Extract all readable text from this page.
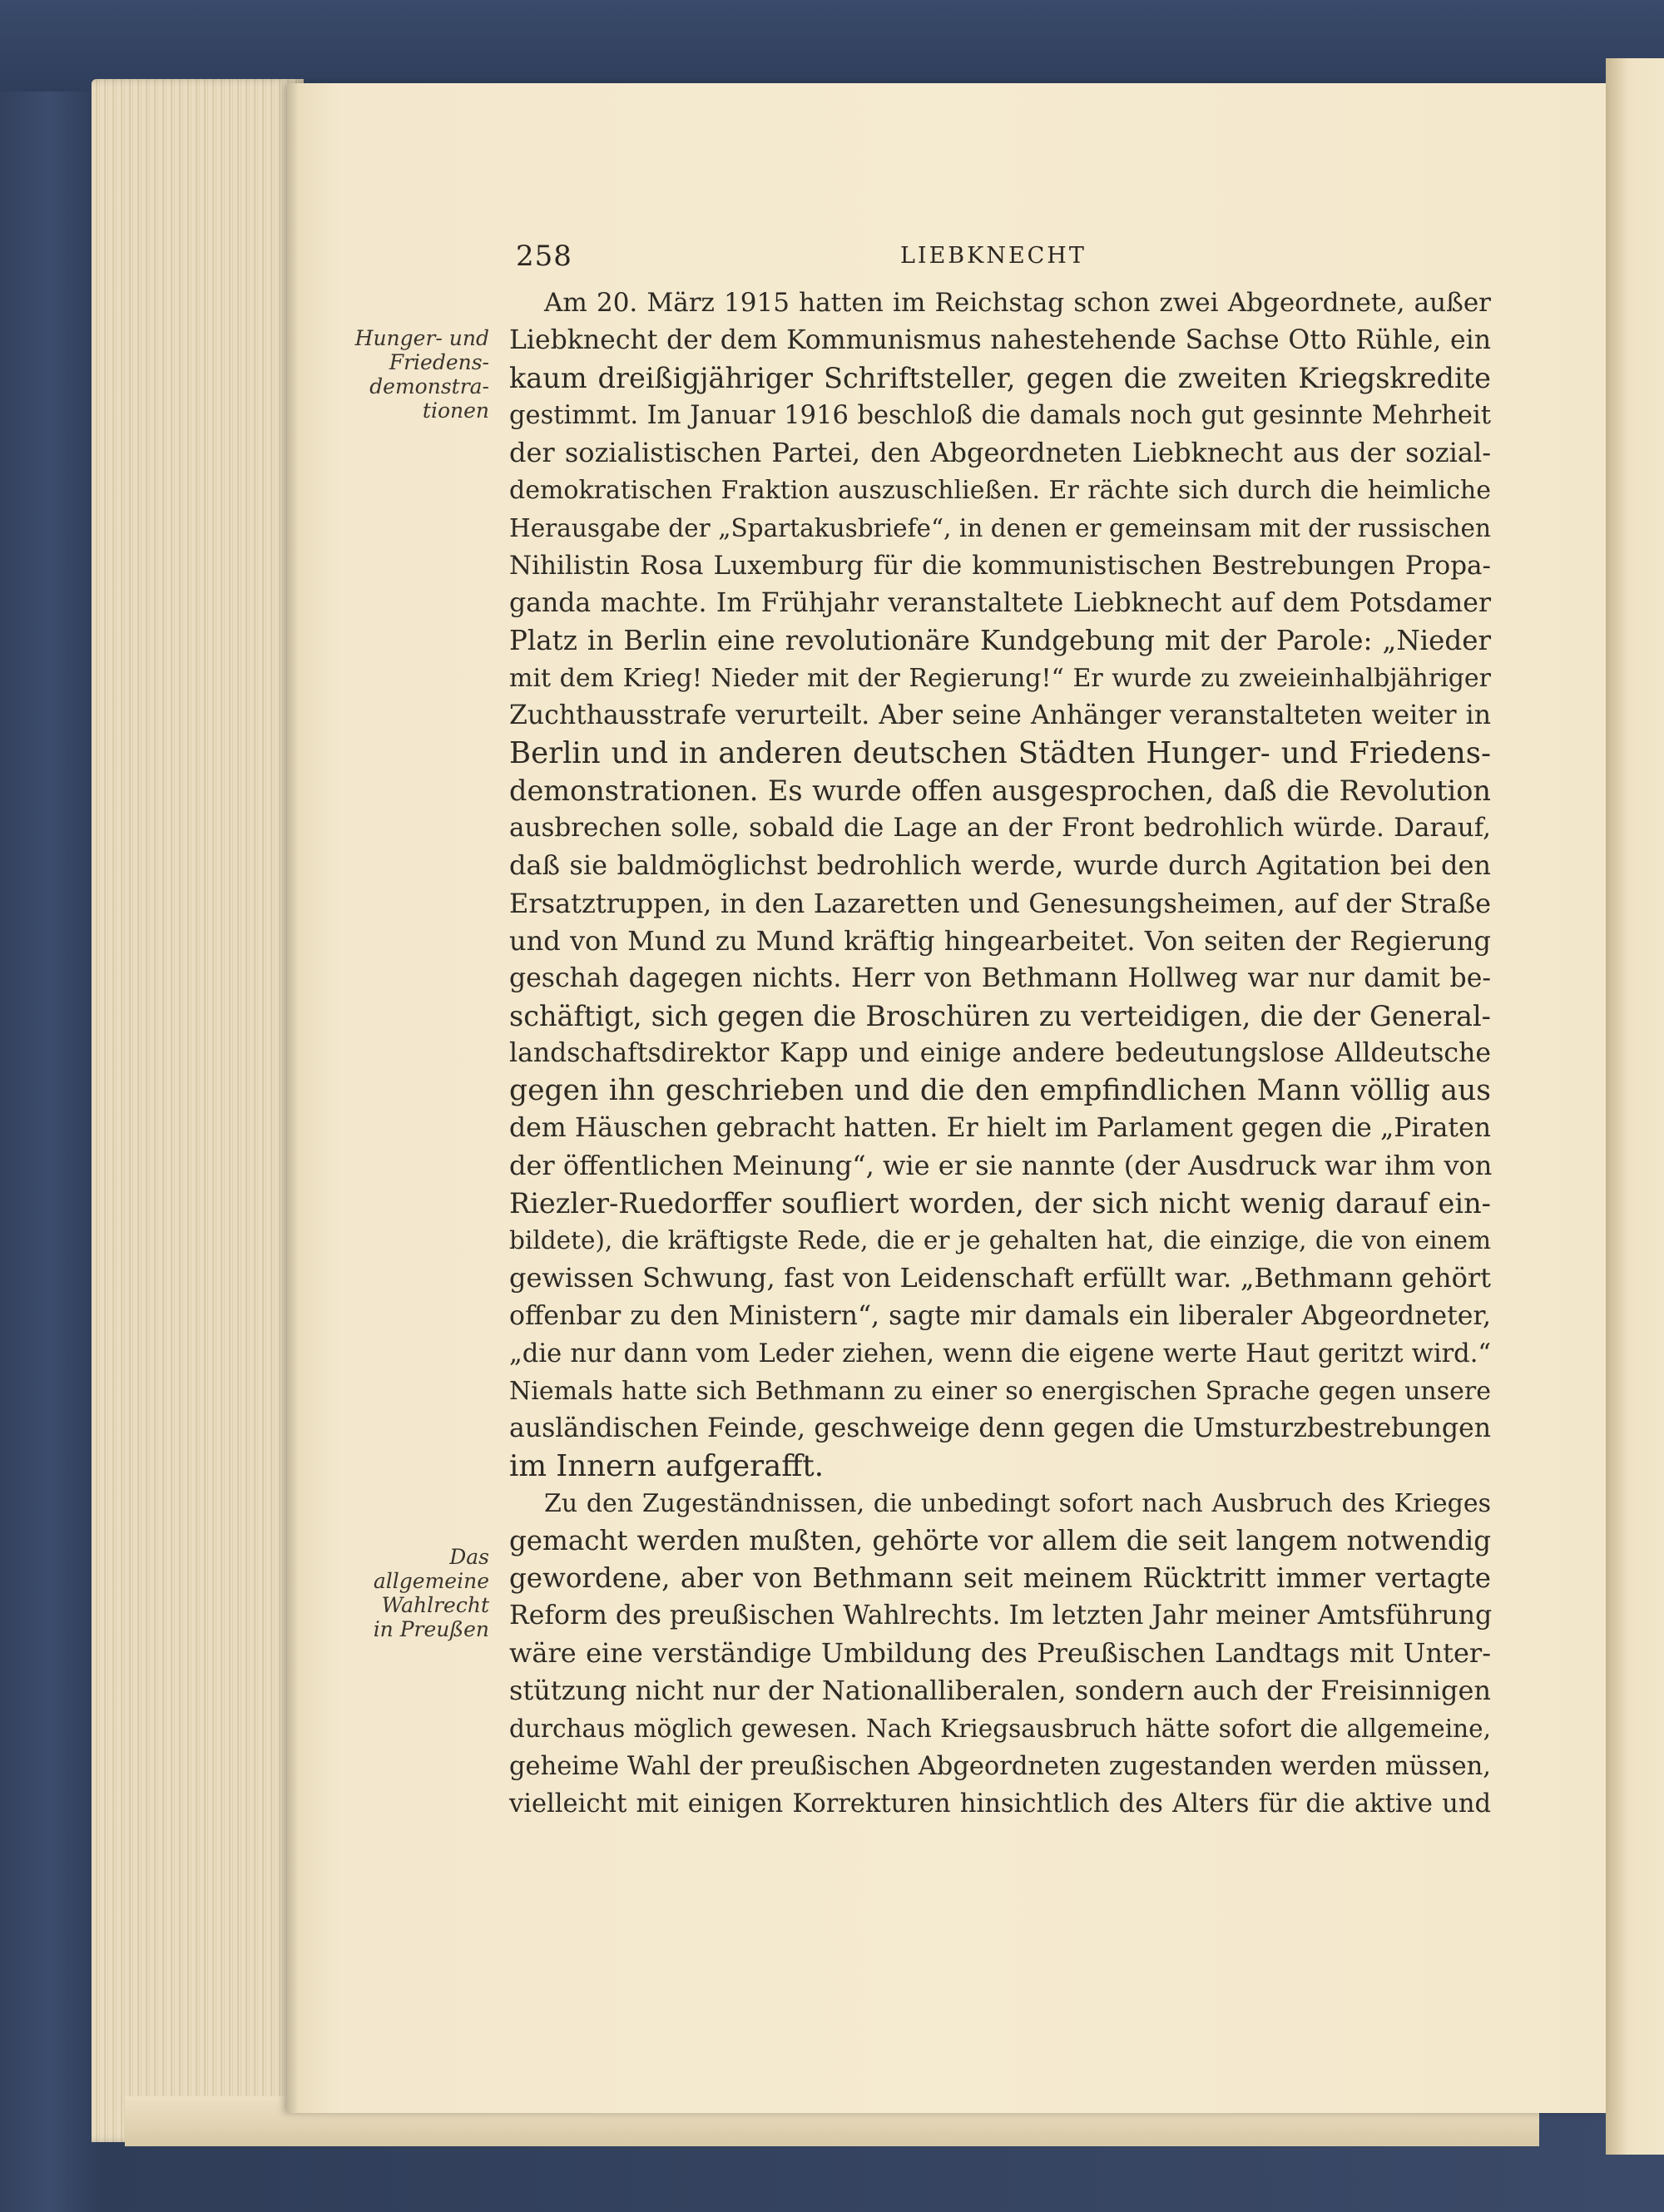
258	LIEBKNECHT
Hunger- und
Friedens-
demonstra-
tionen
Das
allgemeine
Wahlrecht
in Preußen
Am 20. März 1915 hatten im Reichstag schon zwei Abgeordnete, außer
Liebknecht der dem Kommunismus nahestehende Sachse Otto Rühle, ein
kaum dreißigjähriger Schriftsteller, gegen die zweiten Kriegskredite
gestimmt. Im Januar 1916 beschloß die damals noch gut gesinnte Mehrheit
der sozialistischen Partei, den Abgeordneten Liebknecht aus der sozial-
demokratischen Fraktion auszuschließen. Er rächte sich durch die heimliche
Herausgabe der „Spartakusbriefe“, in denen er gemeinsam mit der russischen
Nihilistin Rosa Luxemburg für die kommunistischen Bestrebungen Propa-
ganda machte. Im Frühjahr veranstaltete Liebknecht auf dem Potsdamer
Platz in Berlin eine revolutionäre Kundgebung mit der Parole: „Nieder
mit dem Krieg! Nieder mit der Regierung!“ Er wurde zu zweieinhalbjähriger
Zuchthausstrafe verurteilt. Aber seine Anhänger veranstalteten weiter in
Berlin und in anderen deutschen Städten Hunger- und Friedens-
demonstrationen. Es wurde offen ausgesprochen, daß die Revolution
ausbrechen solle, sobald die Lage an der Front bedrohlich würde. Darauf,
daß sie baldmöglichst bedrohlich werde, wurde durch Agitation bei den
Ersatztruppen, in den Lazaretten und Genesungsheimen, auf der Straße
und von Mund zu Mund kräftig hingearbeitet. Von seiten der Regierung
geschah dagegen nichts. Herr von Bethmann Hollweg war nur damit be-
schäftigt, sich gegen die Broschüren zu verteidigen, die der General-
landschaftsdirektor Kapp und einige andere bedeutungslose Alldeutsche
gegen ihn geschrieben und die den empfindlichen Mann völlig aus
dem Häuschen gebracht hatten. Er hielt im Parlament gegen die „Piraten
der öffentlichen Meinung“, wie er sie nannte (der Ausdruck war ihm von
Riezler-Ruedorffer soufliert worden, der sich nicht wenig darauf ein-
bildete), die kräftigste Rede, die er je gehalten hat, die einzige, die von einem
gewissen Schwung, fast von Leidenschaft erfüllt war. „Bethmann gehört
offenbar zu den Ministern“, sagte mir damals ein liberaler Abgeordneter,
„die nur dann vom Leder ziehen, wenn die eigene werte Haut geritzt wird.“
Niemals hatte sich Bethmann zu einer so energischen Sprache gegen unsere
ausländischen Feinde, geschweige denn gegen die Umsturzbestrebungen
im Innern aufgerafft.
Zu den Zugeständnissen, die unbedingt sofort nach Ausbruch des Krieges
gemacht werden mußten, gehörte vor allem die seit langem notwendig
gewordene, aber von Bethmann seit meinem Rücktritt immer vertagte
Reform des preußischen Wahlrechts. Im letzten Jahr meiner Amtsführung
wäre eine verständige Umbildung des Preußischen Landtags mit Unter-
stützung nicht nur der Nationalliberalen, sondern auch der Freisinnigen
durchaus möglich gewesen. Nach Kriegsausbruch hätte sofort die allgemeine,
geheime Wahl der preußischen Abgeordneten zugestanden werden müssen,
vielleicht mit einigen Korrekturen hinsichtlich des Alters für die aktive und
